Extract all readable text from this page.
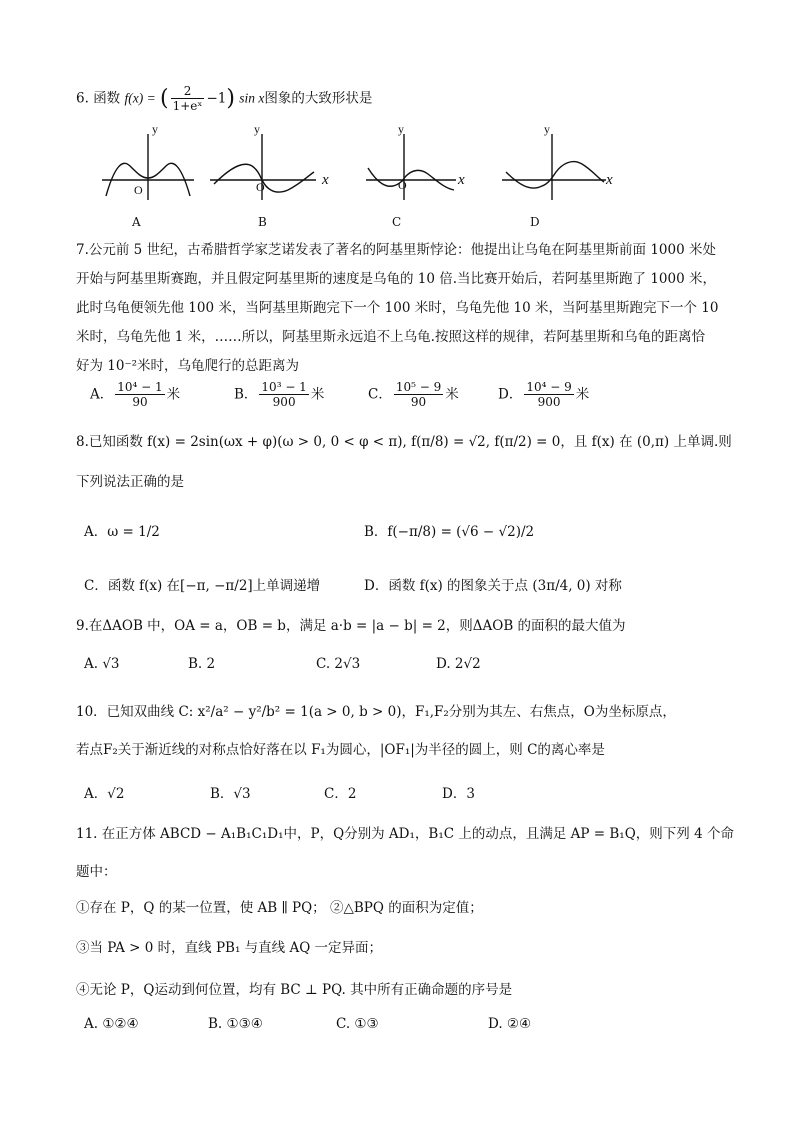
6. 函数 f(x) = ( $\frac{2}{\text{1+eˣ}} -1$) sin x图象的大致形状是
y
O
A
y
O	x
B
y
O	x
C
y
x
D
7.公元前 5 世纪，古希腊哲学家芝诺发表了著名的阿基里斯悖论：他提出让乌龟在阿基里斯前面 1000 米处
开始与阿基里斯赛跑，并且假定阿基里斯的速度是乌龟的 10 倍.当比赛开始后，若阿基里斯跑了 1000 米，
此时乌龟便领先他 100 米，当阿基里斯跑完下一个 100 米时，乌龟先他 10 米，当阿基里斯跑完下一个 10
米时，乌龟先他 1 米，……所以，阿基里斯永远追不上乌龟.按照这样的规律，若阿基里斯和乌龟的距离恰
好为 10⁻²米时，乌龟爬行的总距离为
A． $\frac{\text{10⁴ − 1}}{90}$ 米	B． $\frac{\text{10³ − 1}}{900}$ 米	C． $\frac{\text{10⁵ − 9}}{90}$ 米	D． $\frac{\text{10⁴ − 9}}{900}$ 米
8.已知函数 f(x) = 2sin(ωx + φ)(ω > 0, 0 < φ < π), f(π/8) = √2, f(π/2) = 0，且 f(x) 在 (0,π) 上单调.则
下列说法正确的是
A．ω = 1/2	B．f(−π/8) = (√6 − √2)/2
C．函数 f(x) 在[−π, −π/2]上单调递增	D．函数 f(x) 的图象关于点 (3π/4, 0) 对称
9.在ΔAOB 中，OA = a，OB = b，满足 a·b = |a − b| = 2，则ΔAOB 的面积的最大值为
A. √3	B. 2	C. 2√3	D. 2√2
10．已知双曲线 C: x²/a² − y²/b² = 1(a > 0, b > 0)，F₁,F₂分别为其左、右焦点，O为坐标原点，
若点F₂关于渐近线的对称点恰好落在以 F₁为圆心，|OF₁|为半径的圆上，则 C的离心率是
A．√2	B．√3	C．2	D．3
11. 在正方体 ABCD − A₁B₁C₁D₁中，P，Q分别为 AD₁，B₁C 上的动点，且满足 AP = B₁Q，则下列 4 个命
题中：
①存在 P，Q 的某一位置，使 AB ∥ PQ； ②△BPQ 的面积为定值；
③当 PA > 0 时，直线 PB₁ 与直线 AQ 一定异面；
④无论 P，Q运动到何位置，均有 BC ⊥ PQ. 其中所有正确命题的序号是
A. ①②④	B. ①③④	C. ①③	D. ②④
